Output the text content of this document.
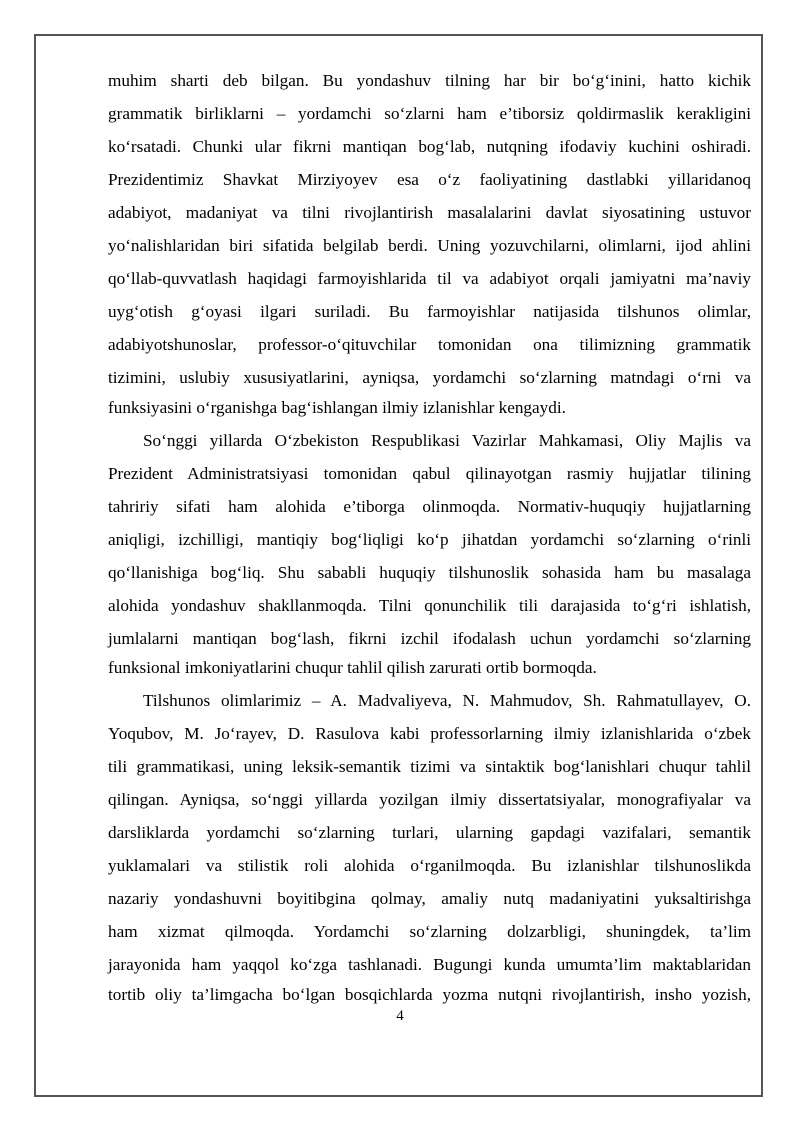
muhim sharti deb bilgan. Bu yondashuv tilning har bir bo‘g‘inini, hatto kichik
grammatik birliklarni – yordamchi so‘zlarni ham e’tiborsiz qoldirmaslik kerakligini
ko‘rsatadi. Chunki ular fikrni mantiqan bog‘lab, nutqning ifodaviy kuchini oshiradi.
Prezidentimiz Shavkat Mirziyoyev esa o‘z faoliyatining dastlabki yillaridanoq
adabiyot, madaniyat va tilni rivojlantirish masalalarini davlat siyosatining ustuvor
yo‘nalishlaridan biri sifatida belgilab berdi. Uning yozuvchilarni, olimlarni, ijod ahlini
qo‘llab-quvvatlash haqidagi farmoyishlarida til va adabiyot orqali jamiyatni ma’naviy
uyg‘otish g‘oyasi ilgari suriladi. Bu farmoyishlar natijasida tilshunos olimlar,
adabiyotshunoslar, professor-o‘qituvchilar tomonidan ona tilimizning grammatik
tizimini, uslubiy xususiyatlarini, ayniqsa, yordamchi so‘zlarning matndagi o‘rni va
funksiyasini o‘rganishga bag‘ishlangan ilmiy izlanishlar kengaydi.
So‘nggi yillarda O‘zbekiston Respublikasi Vazirlar Mahkamasi, Oliy Majlis va
Prezident Administratsiyasi tomonidan qabul qilinayotgan rasmiy hujjatlar tilining
tahririy sifati ham alohida e’tiborga olinmoqda. Normativ-huquqiy hujjatlarning
aniqligi, izchilligi, mantiqiy bog‘liqligi ko‘p jihatdan yordamchi so‘zlarning o‘rinli
qo‘llanishiga bog‘liq. Shu sababli huquqiy tilshunoslik sohasida ham bu masalaga
alohida yondashuv shakllanmoqda. Tilni qonunchilik tili darajasida to‘g‘ri ishlatish,
jumlalarni mantiqan bog‘lash, fikrni izchil ifodalash uchun yordamchi so‘zlarning
funksional imkoniyatlarini chuqur tahlil qilish zarurati ortib bormoqda.
Tilshunos olimlarimiz – A. Madvaliyeva, N. Mahmudov, Sh. Rahmatullayev, O.
Yoqubov, M. Jo‘rayev, D. Rasulova kabi professorlarning ilmiy izlanishlarida o‘zbek
tili grammatikasi, uning leksik-semantik tizimi va sintaktik bog‘lanishlari chuqur tahlil
qilingan. Ayniqsa, so‘nggi yillarda yozilgan ilmiy dissertatsiyalar, monografiyalar va
darsliklarda yordamchi so‘zlarning turlari, ularning gapdagi vazifalari, semantik
yuklamalari va stilistik roli alohida o‘rganilmoqda. Bu izlanishlar tilshunoslikda
nazariy yondashuvni boyitibgina qolmay, amaliy nutq madaniyatini yuksaltirishga
ham xizmat qilmoqda. Yordamchi so‘zlarning dolzarbligi, shuningdek, ta’lim
jarayonida ham yaqqol ko‘zga tashlanadi. Bugungi kunda umumta’lim maktablaridan
tortib oliy ta’limgacha bo‘lgan bosqichlarda yozma nutqni rivojlantirish, insho yozish,
4
